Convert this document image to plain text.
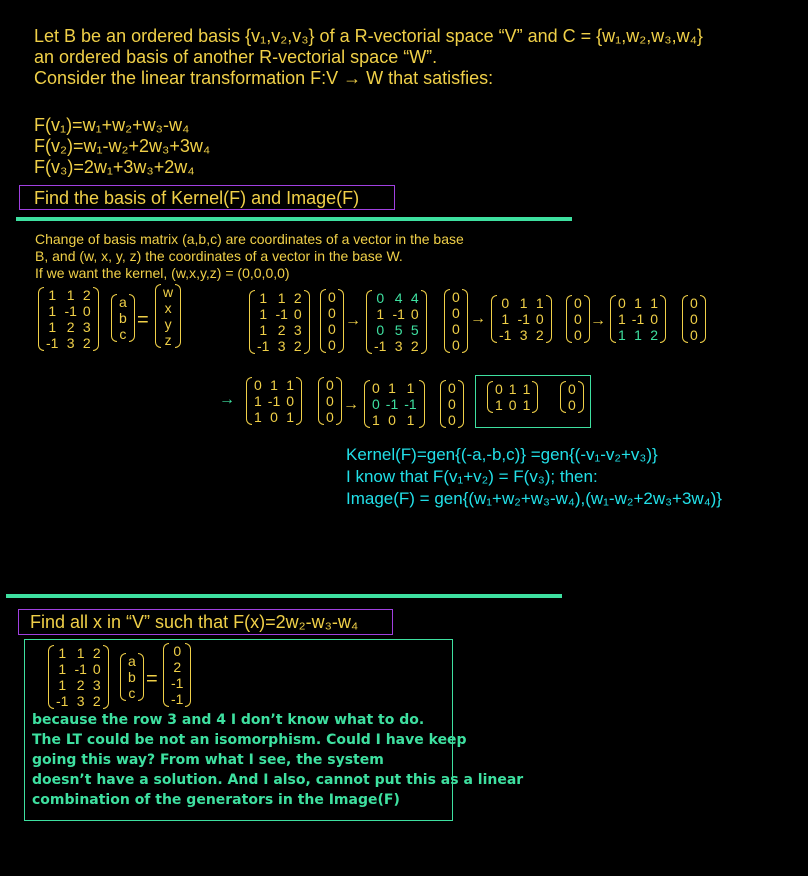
Let B be an ordered basis {v₁,v₂,v₃} of a R-vectorial space “V” and C = {w₁,w₂,w₃,w₄}
an ordered basis of another R-vectorial space “W”.
Consider the linear transformation F:V → W that satisfies:
F(v₁)=w₁+w₂+w₃-w₄
F(v₂)=w₁-w₂+2w₃+3w₄
F(v₃)=2w₁+3w₃+2w₄
Find the basis of Kernel(F) and Image(F)
Change of basis matrix (a,b,c) are coordinates of a vector in the base
B, and (w, x, y, z) the coordinates of a vector in the base W.
If we want the kernel, (w,x,y,z) = (0,0,0,0)
1 1 2
1 -1 0
1 2 3
-1 3 2
a
b
c
=
w
x
y
z
1 1 2
1 -1 0
1 2 3
-1 3 2
0
0
0
0
→
0 4 4
1 -1 0
0 5 5
-1 3 2
0
0
0
0
→
0 1 1
1 -1 0
-1 3 2
0
0
0
→
0 1 1
1 -1 0
1 1 2
0
0
0
→
0 1 1
1 -1 0
1 0 1
0
0
0
→
0 1 1
0 -1 -1
1 0 1
0
0
0
0 1 1
1 0 1
0
0
Kernel(F)=gen{(-a,-b,c)} =gen{(-v₁-v₂+v₃)}
I know that F(v₁+v₂) = F(v₃); then:
Image(F) = gen{(w₁+w₂+w₃-w₄),(w₁-w₂+2w₃+3w₄)}
Find all x in “V” such that F(x)=2w₂-w₃-w₄
1 1 2
1 -1 0
1 2 3
-1 3 2
a
b
c
=
0
2
-1
-1
because the row 3 and 4 I don’t know what to do.
The LT could be not an isomorphism. Could I have keep
going this way? From what I see, the system
doesn’t have a solution. And I also, cannot put this as a linear
combination of the generators in the Image(F)
